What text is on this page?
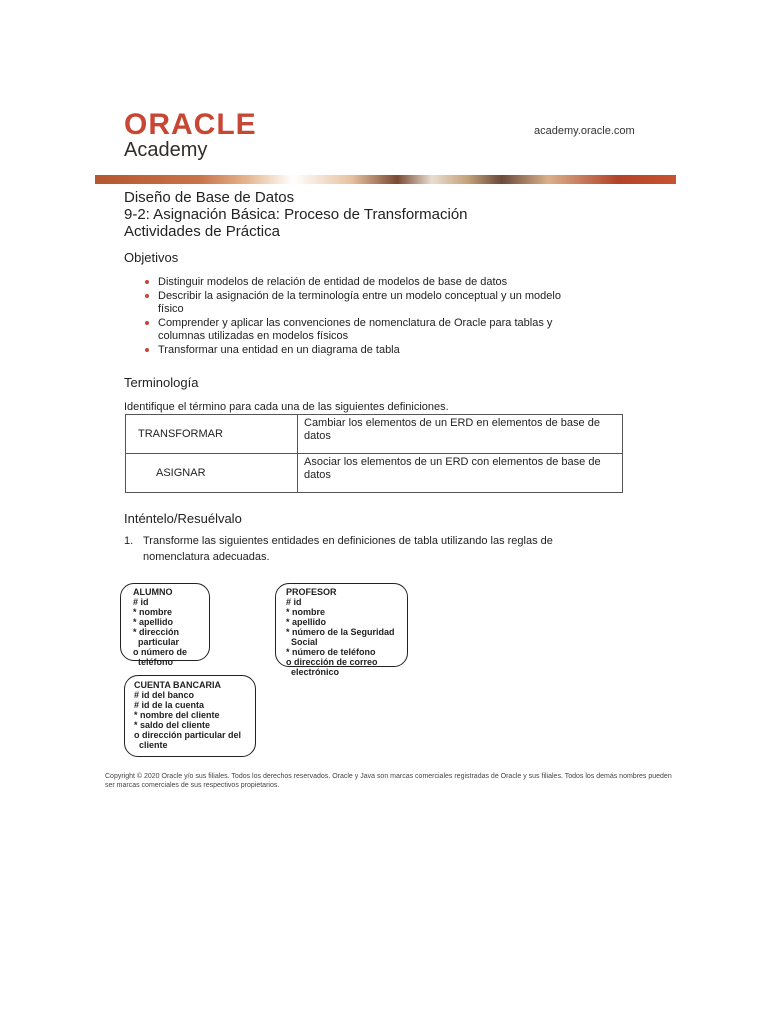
ORACLE
Academy
academy.oracle.com
Diseño de Base de Datos
9-2: Asignación Básica: Proceso de Transformación
Actividades de Práctica
Objetivos
Distinguir modelos de relación de entidad de modelos de base de datos
Describir la asignación de la terminología entre un modelo conceptual y un modelo físico
Comprender y aplicar las convenciones de nomenclatura de Oracle para tablas y columnas utilizadas en modelos físicos
Transformar una entidad en un diagrama de tabla
Terminología
Identifique el término para cada una de las siguientes definiciones.
TRANSFORMAR	Cambiar los elementos de un ERD en elementos de base de datos
ASIGNAR	Asociar los elementos de un ERD con elementos de base de datos
Inténtelo/Resuélvalo
1. Transforme las siguientes entidades en definiciones de tabla utilizando las reglas de nomenclatura adecuadas.
ALUMNO
# id
* nombre
* apellido
* dirección
particular
o número de
teléfono
PROFESOR
# id
* nombre
* apellido
* número de la Seguridad
Social
* número de teléfono
o dirección de correo
electrónico
CUENTA BANCARIA
# id del banco
# id de la cuenta
* nombre del cliente
* saldo del cliente
o dirección particular del
cliente
Copyright © 2020 Oracle y/o sus filiales. Todos los derechos reservados. Oracle y Java son marcas comerciales registradas de Oracle y sus filiales. Todos los demás nombres pueden ser marcas comerciales de sus respectivos propietarios.
